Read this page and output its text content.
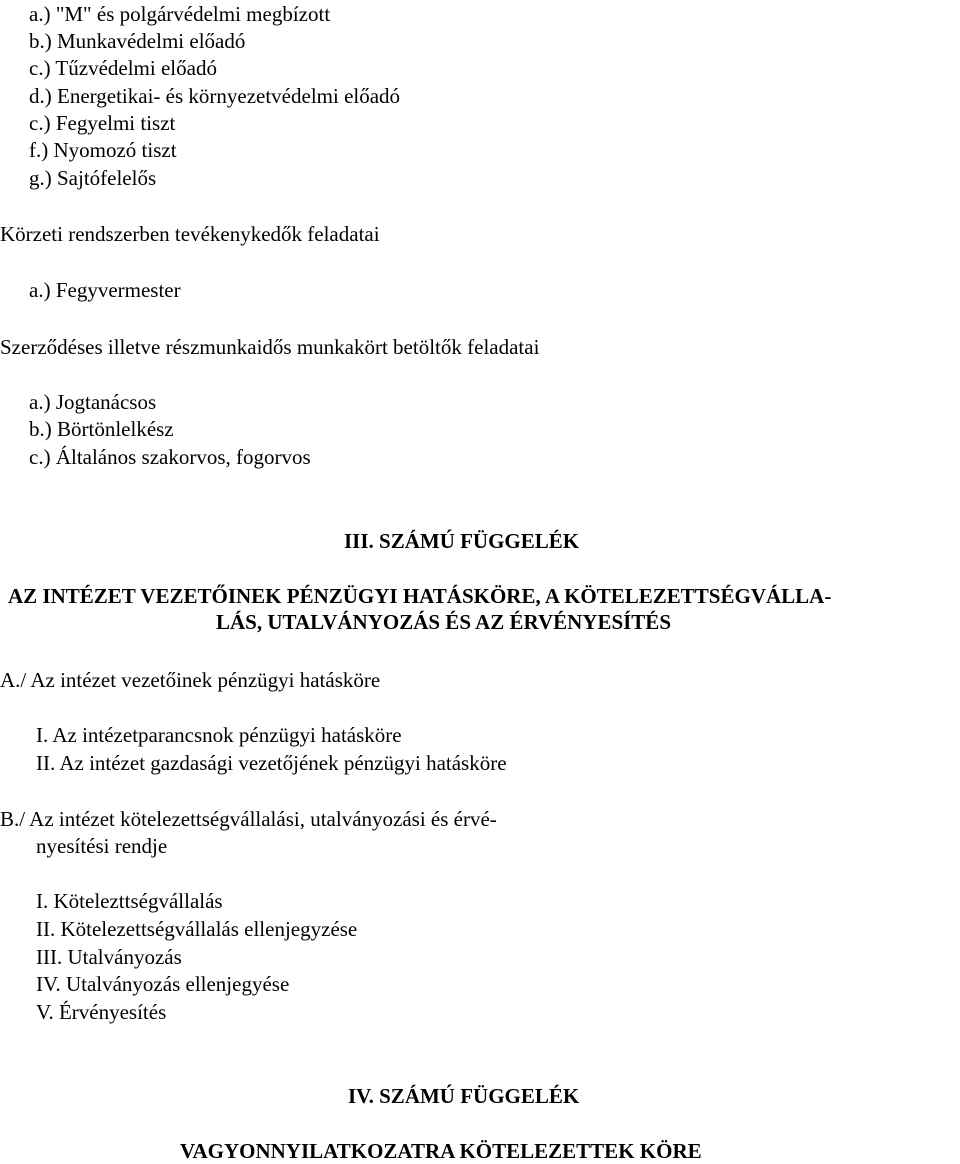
a.) "M" és polgárvédelmi megbízott
b.) Munkavédelmi előadó
c.) Tűzvédelmi előadó
d.) Energetikai- és környezetvédelmi előadó
c.) Fegyelmi tiszt
f.) Nyomozó tiszt
g.) Sajtófelelős
Körzeti rendszerben tevékenykedők feladatai
a.) Fegyvermester
Szerződéses illetve részmunkaidős munkakört betöltők feladatai
a.) Jogtanácsos
b.) Börtönlelkész
c.) Általános szakorvos, fogorvos
III. SZÁMÚ FÜGGELÉK
AZ INTÉZET VEZETŐINEK PÉNZÜGYI HATÁSKÖRE, A KÖTELEZETTSÉGVÁLLA-
LÁS, UTALVÁNYOZÁS ÉS AZ ÉRVÉNYESÍTÉS
A./ Az intézet vezetőinek pénzügyi hatásköre
I. Az intézetparancsnok pénzügyi hatásköre
II. Az intézet gazdasági vezetőjének pénzügyi hatásköre
B./ Az intézet kötelezettségvállalási, utalványozási és érvé-
nyesítési rendje
I. Kötelezttségvállalás
II. Kötelezettségvállalás ellenjegyzése
III. Utalványozás
IV. Utalványozás ellenjegyése
V. Érvényesítés
IV. SZÁMÚ FÜGGELÉK
VAGYONNYILATKOZATRA KÖTELEZETTEK KÖRE
